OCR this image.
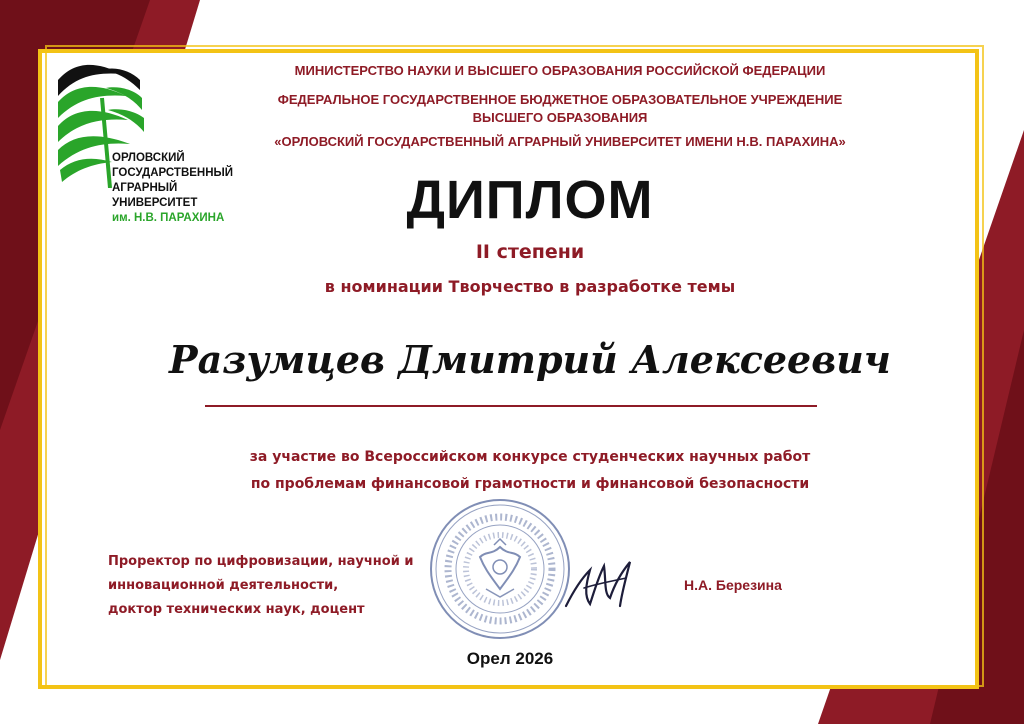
МИНИСТЕРСТВО НАУКИ И ВЫСШЕГО ОБРАЗОВАНИЯ РОССИЙСКОЙ ФЕДЕРАЦИИ
ФЕДЕРАЛЬНОЕ ГОСУДАРСТВЕННОЕ БЮДЖЕТНОЕ ОБРАЗОВАТЕЛЬНОЕ УЧРЕЖДЕНИЕ
ВЫСШЕГО ОБРАЗОВАНИЯ
«ОРЛОВСКИЙ ГОСУДАРСТВЕННЫЙ АГРАРНЫЙ УНИВЕРСИТЕТ ИМЕНИ Н.В. ПАРАХИНА»
ОРЛОВСКИЙ
ГОСУДАРСТВЕННЫЙ
АГРАРНЫЙ
УНИВЕРСИТЕТ
им. Н.В. ПАРАХИНА	ДИПЛОМ
II степени
в номинации Творчество в разработке темы
Разумцев Дмитрий Алексеевич
за участие во Всероссийском конкурсе студенческих научных работ
по проблемам финансовой грамотности и финансовой безопасности
Проректор по цифровизации, научной и
инновационной деятельности,
доктор технических наук, доцент
Н.А. Березина
Орел 2026
